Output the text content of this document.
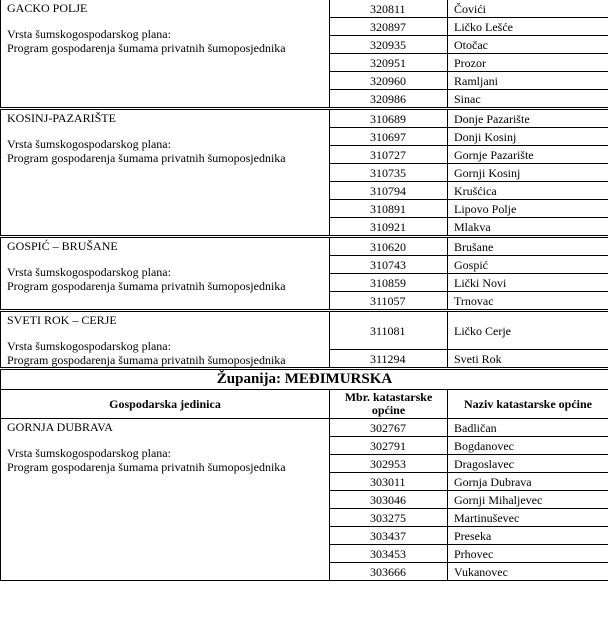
GACKO POLJE
Vrsta šumskogospodarskog plana:
Program gospodarenja šumama privatnih šumoposjednika	320811	Čovići
	320897	Ličko Lešće
	320935	Otočac
	320951	Prozor
	320960	Ramljani
	320986	Sinac

KOSINJ-PAZARIŠTE
Vrsta šumskogospodarskog plana:
Program gospodarenja šumama privatnih šumoposjednika	310689	Donje Pazarište
	310697	Donji Kosinj
	310727	Gornje Pazarište
	310735	Gornji Kosinj
	310794	Krušćica
	310891	Lipovo Polje
	310921	Mlakva

GOSPIĆ – BRUŠANE
Vrsta šumskogospodarskog plana:
Program gospodarenja šumama privatnih šumoposjednika	310620	Brušane
	310743	Gospić
	310859	Lički Novi
	311057	Trnovac

SVETI ROK – CERJE
Vrsta šumskogospodarskog plana:
Program gospodarenja šumama privatnih šumoposjednika	311081	Ličko Cerje
	311294	Sveti Rok
Županija: MEĐIMURSKA		
Gospodarska jedinica	Mbr. katastarske općine	Naziv katastarske općine

GORNJA DUBRAVA
Vrsta šumskogospodarskog plana:
Program gospodarenja šumama privatnih šumoposjednika	302767	Badličan
	302791	Bogdanovec
	302953	Dragoslavec
	303011	Gornja Dubrava
	303046	Gornji Mihaljevec
	303275	Martinuševec
	303437	Preseka
	303453	Prhovec
	303666	Vukanovec
